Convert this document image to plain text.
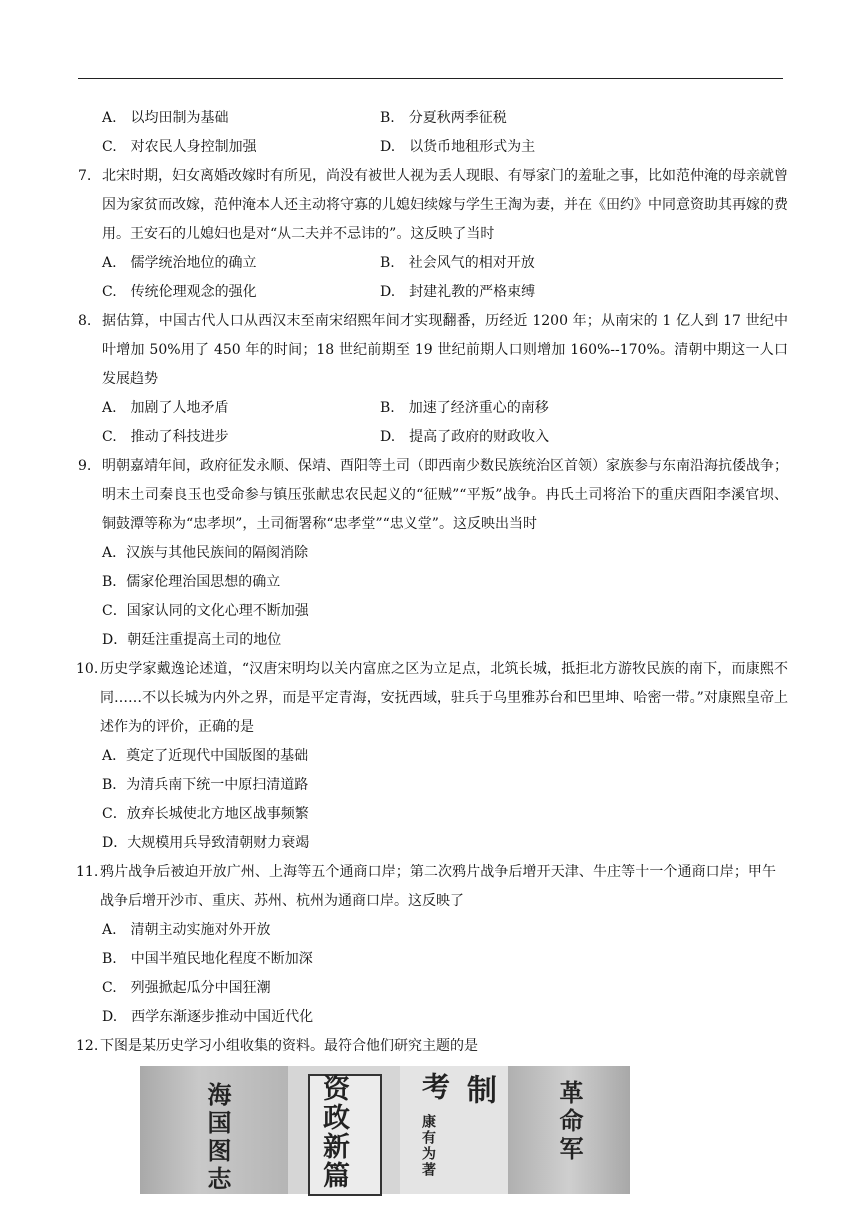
A.　以均田制为基础	B.　分夏秋两季征税
C.　对农民人身控制加强	D.　以货币地租形式为主
7. 北宋时期，妇女离婚改嫁时有所见，尚没有被世人视为丢人现眼、有辱家门的羞耻之事，比如范仲淹的母亲就曾因为家贫而改嫁，范仲淹本人还主动将守寡的儿媳妇续嫁与学生王淘为妻，并在《田约》中同意资助其再嫁的费用。王安石的儿媳妇也是对“从二夫并不忌讳的”。这反映了当时
A.　儒学统治地位的确立	B.　社会风气的相对开放
C.　传统伦理观念的强化	D.　封建礼教的严格束缚
8. 据估算，中国古代人口从西汉末至南宋绍熙年间才实现翻番，历经近 1200 年；从南宋的 1 亿人到 17 世纪中叶增加 50%用了 450 年的时间；18 世纪前期至 19 世纪前期人口则增加 160%--170%。清朝中期这一人口发展趋势
A.　加剧了人地矛盾	B.　加速了经济重心的南移
C.　推动了科技进步	D.　提高了政府的财政收入
9. 明朝嘉靖年间，政府征发永顺、保靖、酉阳等土司（即西南少数民族统治区首领）家族参与东南沿海抗倭战争；明末土司秦良玉也受命参与镇压张献忠农民起义的“征贼”“平叛”战争。冉氏土司将治下的重庆酉阳李溪官坝、铜鼓潭等称为“忠孝坝”，土司衙署称“忠孝堂”“忠义堂”。这反映出当时
A．汉族与其他民族间的隔阂消除
B．儒家伦理治国思想的确立
C．国家认同的文化心理不断加强
D．朝廷注重提高土司的地位
10. 历史学家戴逸论述道，“汉唐宋明均以关内富庶之区为立足点，北筑长城，抵拒北方游牧民族的南下，而康熙不同……不以长城为内外之界，而是平定青海，安抚西域，驻兵于乌里雅苏台和巴里坤、哈密一带。”对康熙皇帝上述作为的评价，正确的是
A．奠定了近现代中国版图的基础
B．为清兵南下统一中原扫清道路
C．放弃长城使北方地区战事频繁
D．大规模用兵导致清朝财力衰竭
11. 鸦片战争后被迫开放广州、上海等五个通商口岸；第二次鸦片战争后增开天津、牛庄等十一个通商口岸；甲午战争后增开沙市、重庆、苏州、杭州为通商口岸。这反映了
A.　清朝主动实施对外开放
B.　中国半殖民地化程度不断加深
C.　列强掀起瓜分中国狂潮
D.　西学东渐逐步推动中国近代化
12. 下图是某历史学习小组收集的资料。最符合他们研究主题的是
海国图志	资政新篇	制
考
康有为著	革命军
